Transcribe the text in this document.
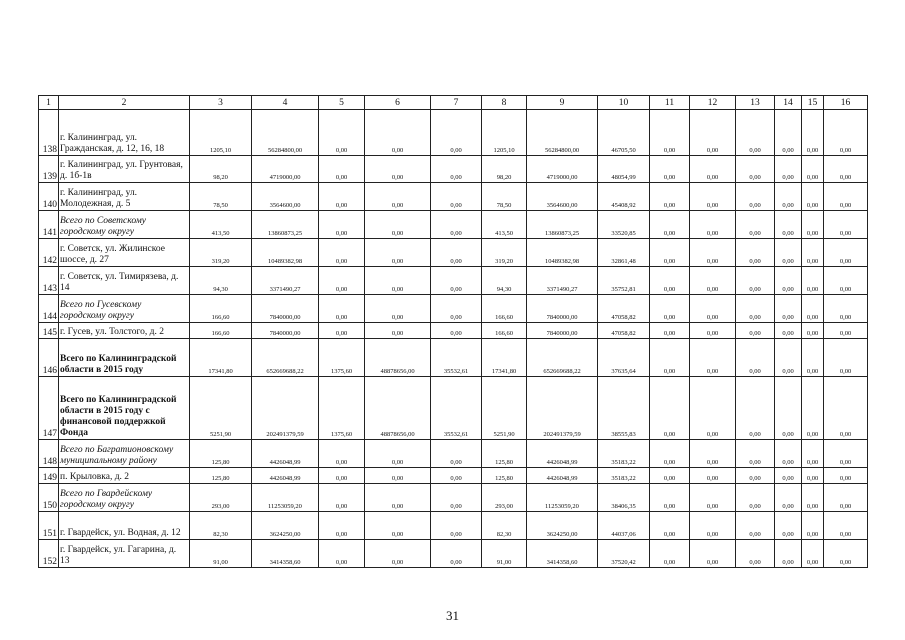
1	2	3	4	5	6	7	8	9	10	11	12	13	14	15	16
138	г. Калининград, ул. Гражданская, д. 12, 16, 18	1205,10	56284800,00	0,00	0,00	0,00	1205,10	56284800,00	46705,50	0,00	0,00	0,00	0,00	0,00	0,00
139	г. Калининград, ул. Грунтовая, д. 1б-1в	98,20	4719000,00	0,00	0,00	0,00	98,20	4719000,00	48054,99	0,00	0,00	0,00	0,00	0,00	0,00
140	г. Калининград, ул. Молодежная, д. 5	78,50	3564600,00	0,00	0,00	0,00	78,50	3564600,00	45408,92	0,00	0,00	0,00	0,00	0,00	0,00
141	Всего по Советскому городскому округу	413,50	13860873,25	0,00	0,00	0,00	413,50	13860873,25	33520,85	0,00	0,00	0,00	0,00	0,00	0,00
142	г. Советск, ул. Жилинское шоссе, д. 27	319,20	10489382,98	0,00	0,00	0,00	319,20	10489382,98	32861,48	0,00	0,00	0,00	0,00	0,00	0,00
143	г. Советск, ул. Тимирязева, д. 14	94,30	3371490,27	0,00	0,00	0,00	94,30	3371490,27	35752,81	0,00	0,00	0,00	0,00	0,00	0,00
144	Всего по Гусевскому городскому округу	166,60	7840000,00	0,00	0,00	0,00	166,60	7840000,00	47058,82	0,00	0,00	0,00	0,00	0,00	0,00
145	г. Гусев, ул. Толстого, д. 2	166,60	7840000,00	0,00	0,00	0,00	166,60	7840000,00	47058,82	0,00	0,00	0,00	0,00	0,00	0,00
146	Всего по Калининградской области в 2015 году	17341,80	652669688,22	1375,60	48878656,00	35532,61	17341,80	652669688,22	37635,64	0,00	0,00	0,00	0,00	0,00	0,00
147	Всего по Калининградской области в 2015 году с финансовой поддержкой Фонда	5251,90	202491379,59	1375,60	48878656,00	35532,61	5251,90	202491379,59	38555,83	0,00	0,00	0,00	0,00	0,00	0,00
148	Всего по Багратионовскому муниципальному району	125,80	4426048,99	0,00	0,00	0,00	125,80	4426048,99	35183,22	0,00	0,00	0,00	0,00	0,00	0,00
149	п. Крыловка, д. 2	125,80	4426048,99	0,00	0,00	0,00	125,80	4426048,99	35183,22	0,00	0,00	0,00	0,00	0,00	0,00
150	Всего по Гвардейскому городскому округу	293,00	11253059,20	0,00	0,00	0,00	293,00	11253059,20	38406,35	0,00	0,00	0,00	0,00	0,00	0,00
151	г. Гвардейск, ул. Водная, д. 12	82,30	3624250,00	0,00	0,00	0,00	82,30	3624250,00	44037,06	0,00	0,00	0,00	0,00	0,00	0,00
152	г. Гвардейск, ул. Гагарина, д. 13	91,00	3414358,60	0,00	0,00	0,00	91,00	3414358,60	37520,42	0,00	0,00	0,00	0,00	0,00	0,00
31
